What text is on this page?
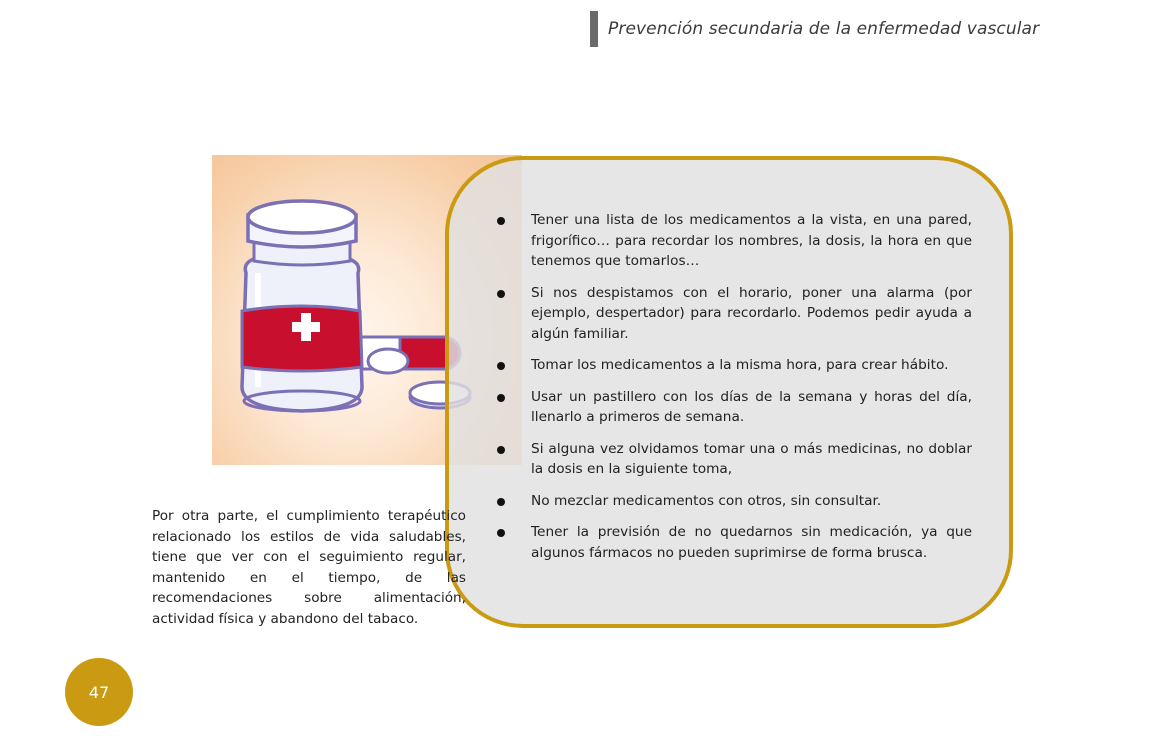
Prevención secundaria de la enfermedad vascular
Tener una lista de los medicamentos a la vista, en una pared, frigorífico… para recordar los nombres, la dosis, la hora en que tenemos que tomarlos…
Si nos despistamos con el horario, poner una alarma (por ejemplo, despertador) para recordarlo. Podemos pedir ayuda a algún familiar.
Tomar los medicamentos a la misma hora, para crear hábito.
Usar un pastillero con los días de la semana y horas del día, llenarlo a primeros de semana.
Si alguna vez olvidamos tomar una o más medicinas, no doblar la dosis en la siguiente toma,
No mezclar medicamentos con otros, sin consultar.
Tener la previsión de no quedarnos sin medicación, ya que algunos fármacos no pueden suprimirse de forma brusca.

Por otra parte, el cumplimiento terapéutico relacionado los estilos de vida saludables, tiene que ver con el seguimiento regular, mantenido en el tiempo, de las recomendaciones sobre alimentación, actividad física y abandono del tabaco.

47
